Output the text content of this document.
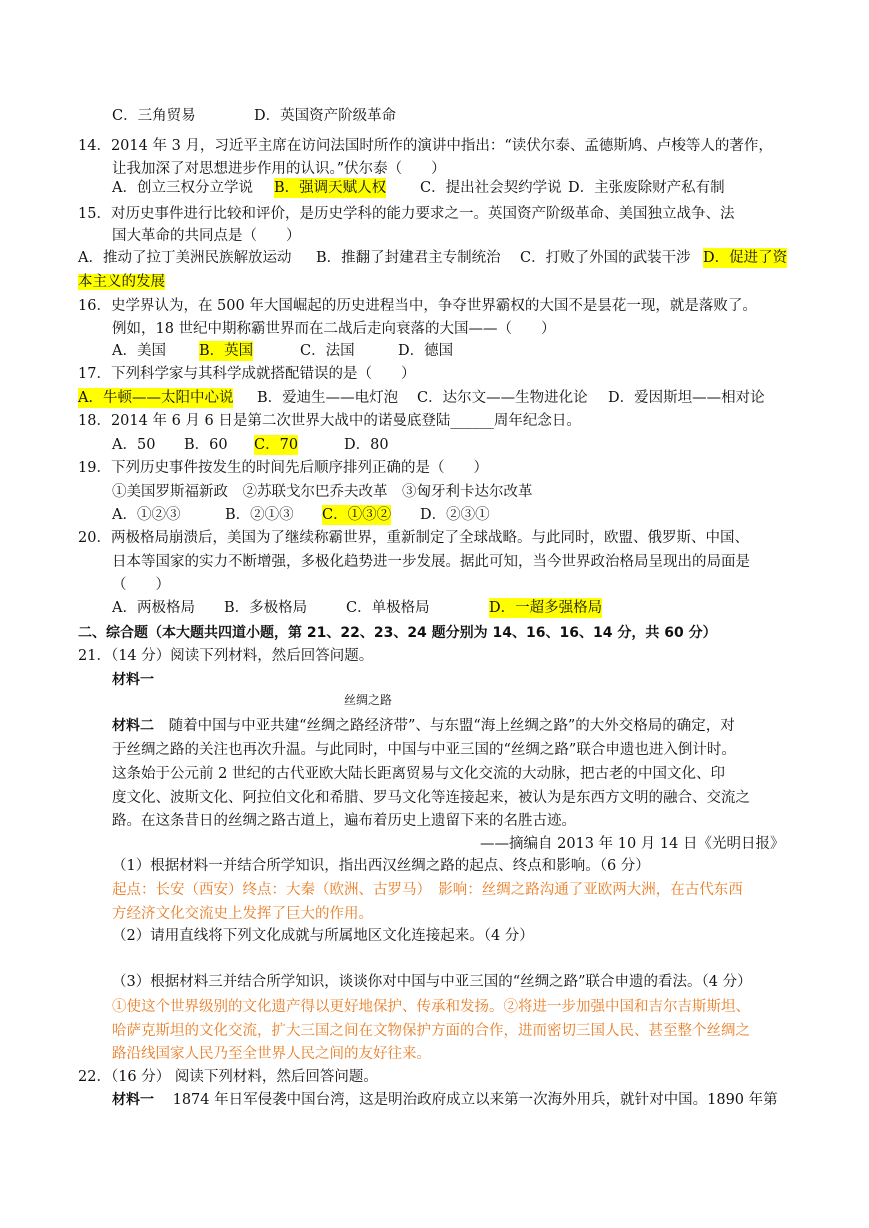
C．三角贸易	D．英国资产阶级革命
14．2014 年 3 月，习近平主席在访问法国时所作的演讲中指出：“读伏尔泰、孟德斯鸠、卢梭等人的著作，
让我加深了对思想进步作用的认识。”伏尔泰（　　）
A．创立三权分立学说 B．强调天赋人权 C．提出社会契约学说 D．主张废除财产私有制
15．对历史事件进行比较和评价，是历史学科的能力要求之一。英国资产阶级革命、美国独立战争、法
国大革命的共同点是（　　）
A．推动了拉丁美洲民族解放运动 B．推翻了封建君主专制统治 C．打败了外国的武装干涉 D．促进了资
本主义的发展
16．史学界认为，在 500 年大国崛起的历史进程当中，争夺世界霸权的大国不是昙花一现，就是落败了。
例如，18 世纪中期称霸世界而在二战后走向衰落的大国——（　　）
A．美国 B．英国	C．法国	D．德国
17．下列科学家与其科学成就搭配错误的是（　　）
A．牛顿——太阳中心说 B．爱迪生——电灯泡 C．达尔文——生物进化论 D．爱因斯坦——相对论
18．2014 年 6 月 6 日是第二次世界大战中的诺曼底登陆______周年纪念日。
A．50 B．60 C．70	D．80
19．下列历史事件按发生的时间先后顺序排列正确的是（　　）
①美国罗斯福新政　②苏联戈尔巴乔夫改革　③匈牙利卡达尔改革
A．①②③	B．②①③ C．①③② D．②③①
20．两极格局崩溃后，美国为了继续称霸世界，重新制定了全球战略。与此同时，欧盟、俄罗斯、中国、
日本等国家的实力不断增强，多极化趋势进一步发展。据此可知，当今世界政治格局呈现出的局面是
（　　）
A．两极格局 B．多极格局	C．单极格局	D．一超多强格局
二、综合题（本大题共四道小题，第 21、22、23、24 题分别为 14、16、16、14 分，共 60 分）
21．（14 分）阅读下列材料，然后回答问题。
材料一
丝绸之路
材料二 随着中国与中亚共建“丝绸之路经济带”、与东盟“海上丝绸之路”的大外交格局的确定，对
于丝绸之路的关注也再次升温。与此同时，中国与中亚三国的“丝绸之路”联合申遗也进入倒计时。
这条始于公元前 2 世纪的古代亚欧大陆长距离贸易与文化交流的大动脉，把古老的中国文化、印
度文化、波斯文化、阿拉伯文化和希腊、罗马文化等连接起来，被认为是东西方文明的融合、交流之
路。在这条昔日的丝绸之路古道上，遍布着历史上遗留下来的名胜古迹。
——摘编自 2013 年 10 月 14 日《光明日报》
（1）根据材料一并结合所学知识，指出西汉丝绸之路的起点、终点和影响。（6 分）
起点：长安（西安）终点：大秦（欧洲、古罗马）　影响：丝绸之路沟通了亚欧两大洲，在古代东西
方经济文化交流史上发挥了巨大的作用。
（2）请用直线将下列文化成就与所属地区文化连接起来。（4 分）
（3）根据材料三并结合所学知识，谈谈你对中国与中亚三国的“丝绸之路”联合申遗的看法。（4 分）
①使这个世界级别的文化遗产得以更好地保护、传承和发扬。②将进一步加强中国和吉尔吉斯斯坦、
哈萨克斯坦的文化交流，扩大三国之间在文物保护方面的合作，进而密切三国人民、甚至整个丝绸之
路沿线国家人民乃至全世界人民之间的友好往来。
22．（16 分） 阅读下列材料，然后回答问题。
材料一 1874 年日军侵袭中国台湾，这是明治政府成立以来第一次海外用兵，就针对中国。1890 年第
